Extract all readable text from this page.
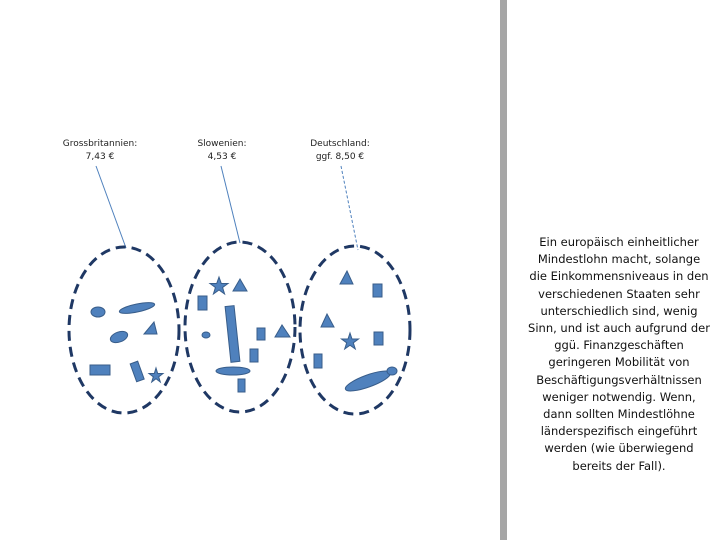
Grossbritannien:
7,43 €
Slowenien:
4,53 €
Deutschland:
ggf. 8,50 €
Ein europäisch einheitlicher Mindestlohn macht, solange die Einkommensniveaus in den verschiedenen Staaten sehr unterschiedlich sind, wenig Sinn, und ist auch aufgrund der ggü. Finanzgeschäften geringeren Mobilität von Beschäftigungsverhältnissen weniger notwendig. Wenn, dann sollten Mindestlöhne länderspezifisch eingeführt werden (wie überwiegend bereits der Fall).
